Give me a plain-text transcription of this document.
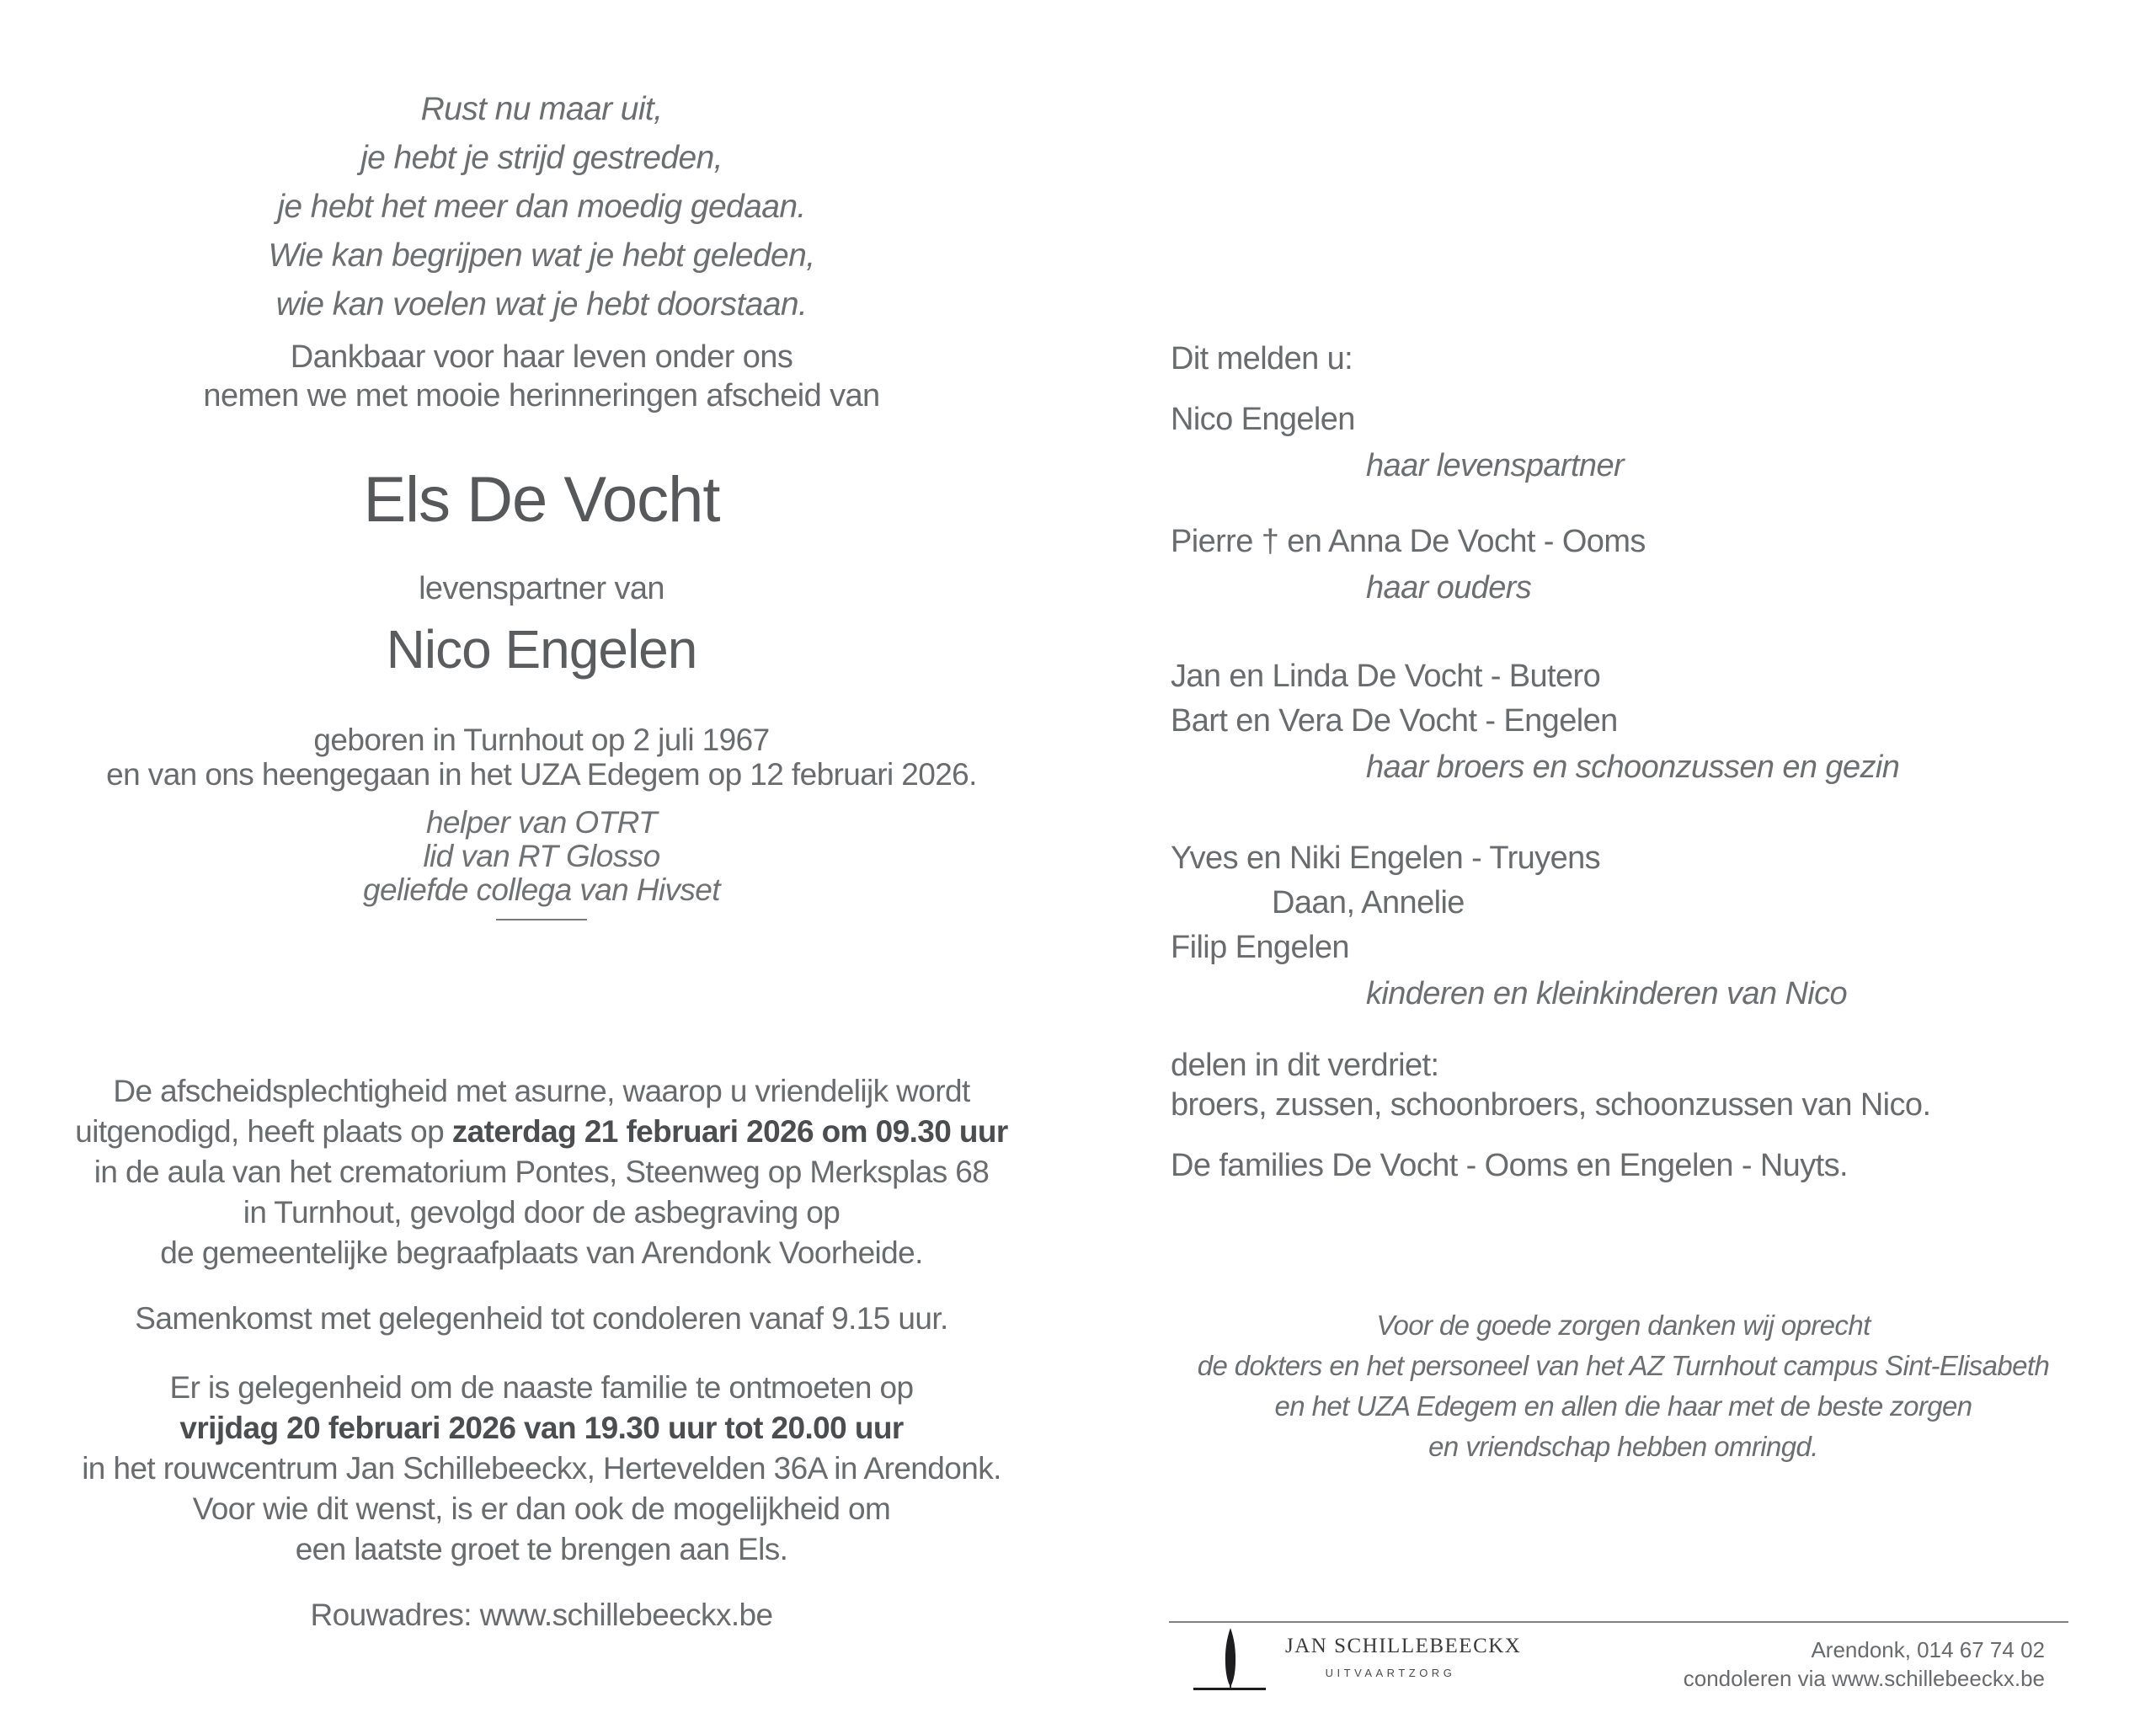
Rust nu maar uit,
je hebt je strijd gestreden,
je hebt het meer dan moedig gedaan.
Wie kan begrijpen wat je hebt geleden,
wie kan voelen wat je hebt doorstaan.
Dankbaar voor haar leven onder ons
nemen we met mooie herinneringen afscheid van
Els De Vocht
levenspartner van
Nico Engelen
geboren in Turnhout op 2 juli 1967
en van ons heengegaan in het UZA Edegem op 12 februari 2026.
helper van OTRT
lid van RT Glosso
geliefde collega van Hivset
De afscheidsplechtigheid met asurne, waarop u vriendelijk wordt
uitgenodigd, heeft plaats op zaterdag 21 februari 2026 om 09.30 uur
in de aula van het crematorium Pontes, Steenweg op Merksplas 68
in Turnhout, gevolgd door de asbegraving op
de gemeentelijke begraafplaats van Arendonk Voorheide.
Samenkomst met gelegenheid tot condoleren vanaf 9.15 uur.
Er is gelegenheid om de naaste familie te ontmoeten op
vrijdag 20 februari 2026 van 19.30 uur tot 20.00 uur
in het rouwcentrum Jan Schillebeeckx, Hertevelden 36A in Arendonk.
Voor wie dit wenst, is er dan ook de mogelijkheid om
een laatste groet te brengen aan Els.
Rouwadres: www.schillebeeckx.be
Dit melden u:
Nico Engelen
haar levenspartner
Pierre † en Anna De Vocht - Ooms
haar ouders
Jan en Linda De Vocht - Butero
Bart en Vera De Vocht - Engelen
haar broers en schoonzussen en gezin
Yves en Niki Engelen - Truyens
Daan, Annelie
Filip Engelen
kinderen en kleinkinderen van Nico
delen in dit verdriet:
broers, zussen, schoonbroers, schoonzussen van Nico.
De families De Vocht - Ooms en Engelen - Nuyts.
Voor de goede zorgen danken wij oprecht
de dokters en het personeel van het AZ Turnhout campus Sint-Elisabeth
en het UZA Edegem en allen die haar met de beste zorgen
en vriendschap hebben omringd.
JAN SCHILLEBEECKX
UITVAARTZORG
Arendonk, 014 67 74 02
condoleren via www.schillebeeckx.be
